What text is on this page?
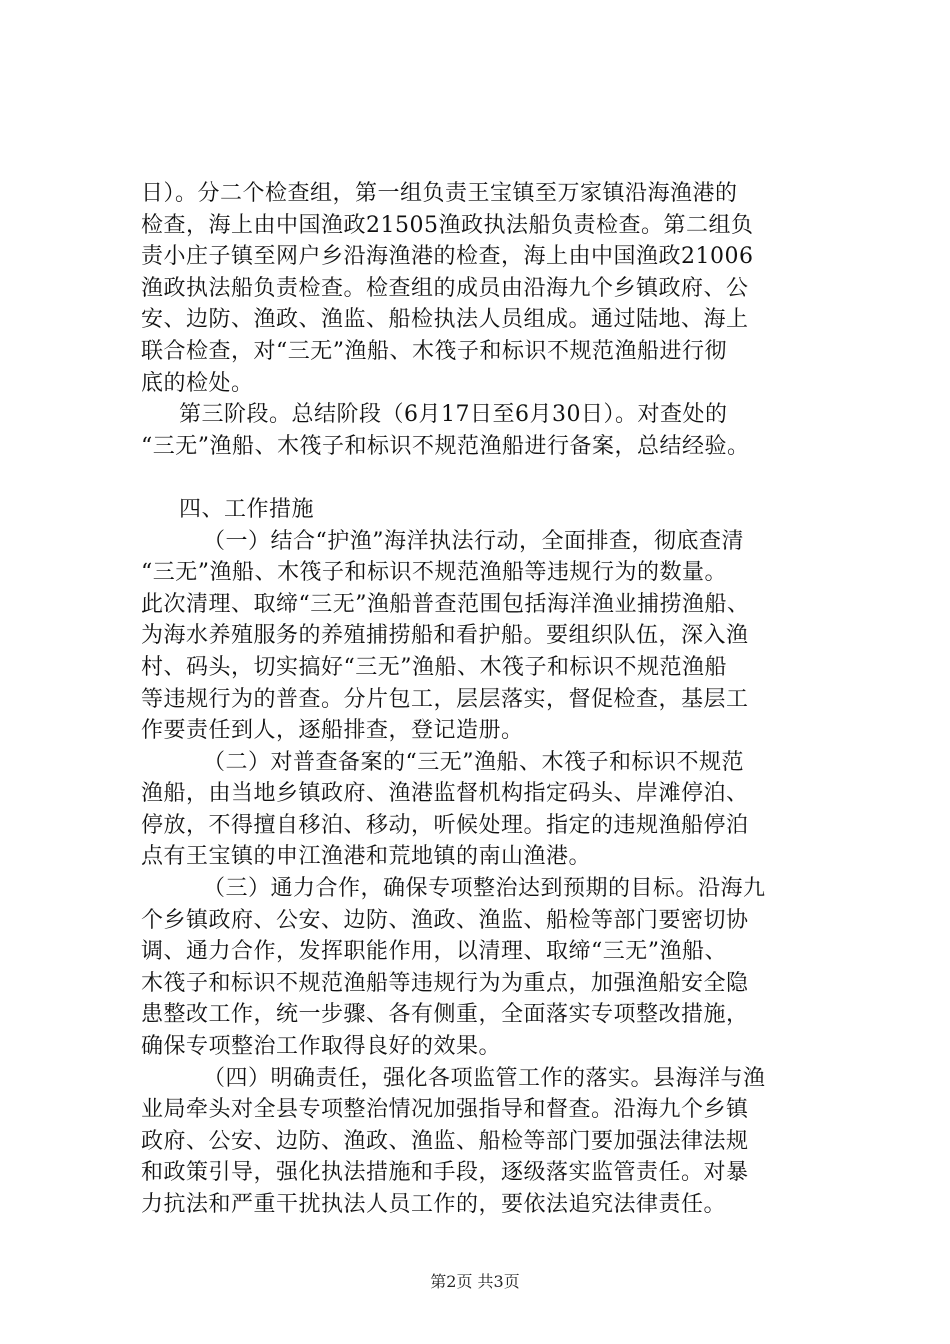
日）。分二个检查组，第一组负责王宝镇至万家镇沿海渔港的
检查，海上由中国渔政21505渔政执法船负责检查。第二组负
责小庄子镇至网户乡沿海渔港的检查，海上由中国渔政21006
渔政执法船负责检查。检查组的成员由沿海九个乡镇政府、公
安、边防、渔政、渔监、船检执法人员组成。通过陆地、海上
联合检查，对“三无”渔船、木筏子和标识不规范渔船进行彻
底的检处。
第三阶段。总结阶段（6月17日至6月30日）。对查处的
“三无”渔船、木筏子和标识不规范渔船进行备案，总结经验。
四、工作措施
（一）结合“护渔”海洋执法行动，全面排查，彻底查清
“三无”渔船、木筏子和标识不规范渔船等违规行为的数量。
此次清理、取缔“三无”渔船普查范围包括海洋渔业捕捞渔船、
为海水养殖服务的养殖捕捞船和看护船。要组织队伍，深入渔
村、码头，切实搞好“三无”渔船、木筏子和标识不规范渔船
等违规行为的普查。分片包工，层层落实，督促检查，基层工
作要责任到人，逐船排查，登记造册。
（二）对普查备案的“三无”渔船、木筏子和标识不规范
渔船，由当地乡镇政府、渔港监督机构指定码头、岸滩停泊、
停放，不得擅自移泊、移动，听候处理。指定的违规渔船停泊
点有王宝镇的申江渔港和荒地镇的南山渔港。
（三）通力合作，确保专项整治达到预期的目标。沿海九
个乡镇政府、公安、边防、渔政、渔监、船检等部门要密切协
调、通力合作，发挥职能作用，以清理、取缔“三无”渔船、
木筏子和标识不规范渔船等违规行为为重点，加强渔船安全隐
患整改工作，统一步骤、各有侧重，全面落实专项整改措施，
确保专项整治工作取得良好的效果。
（四）明确责任，强化各项监管工作的落实。县海洋与渔
业局牵头对全县专项整治情况加强指导和督查。沿海九个乡镇
政府、公安、边防、渔政、渔监、船检等部门要加强法律法规
和政策引导，强化执法措施和手段，逐级落实监管责任。对暴
力抗法和严重干扰执法人员工作的，要依法追究法律责任。
第2页 共3页
